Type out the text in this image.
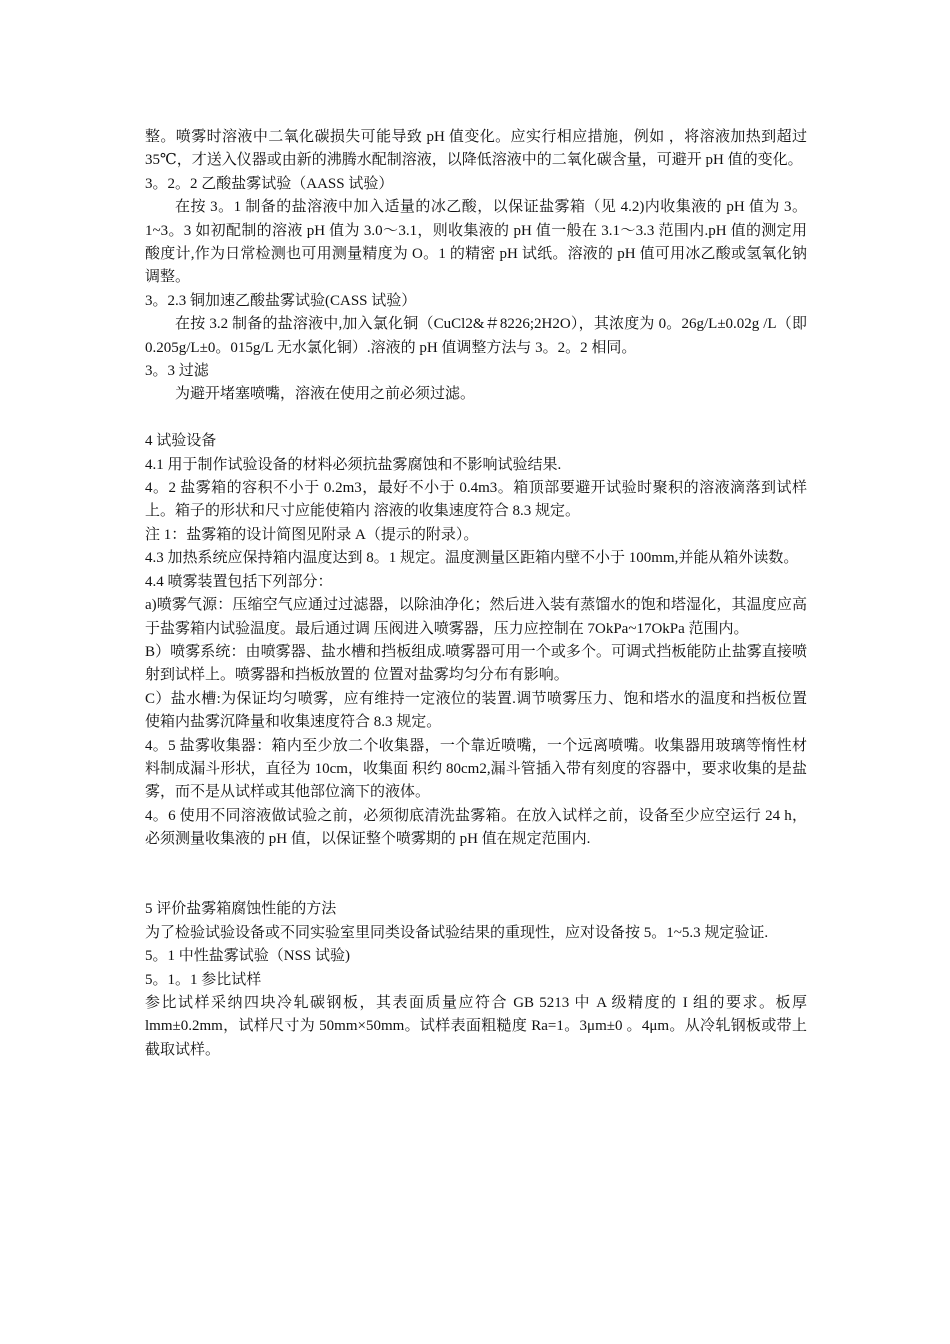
整。喷雾时溶液中二氧化碳损失可能导致 pH 值变化。应实行相应措施，例如 ，将溶液加热到超过 35℃，才送入仪器或由新的沸腾水配制溶液，以降低溶液中的二氧化碳含量，可避开 pH 值的变化。

3。2。2 乙酸盐雾试验（AASS 试验）

在按 3。1 制备的盐溶液中加入适量的冰乙酸，以保证盐雾箱（见 4.2)内收集液的 pH 值为 3。1~3。3 如初配制的溶液 pH 值为 3.0～3.1，则收集液的 pH 值一般在 3.1～3.3 范围内.pH 值的测定用酸度计,作为日常检测也可用测量精度为 O。1 的精密 pH 试纸。溶液的 pH 值可用冰乙酸或氢氧化钠调整。

3。2.3 铜加速乙酸盐雾试验(CASS 试验）

在按 3.2 制备的盐溶液中,加入氯化铜（CuCl2&＃8226;2H2O），其浓度为 0。26g/L±0.02g /L（即 0.205g/L±0。015g/L 无水氯化铜）.溶液的 pH 值调整方法与 3。2。2 相同。

3。3 过滤

为避开堵塞喷嘴，溶液在使用之前必须过滤。

4 试验设备

4.1 用于制作试验设备的材料必须抗盐雾腐蚀和不影响试验结果.

4。2 盐雾箱的容积不小于 0.2m3，最好不小于 0.4m3。箱顶部要避开试验时聚积的溶液滴落到试样上。箱子的形状和尺寸应能使箱内 溶液的收集速度符合 8.3 规定。

注 1：盐雾箱的设计简图见附录 A（提示的附录）。

4.3 加热系统应保持箱内温度达到 8。1 规定。温度测量区距箱内壁不小于 100mm,并能从箱外读数。

4.4 喷雾装置包括下列部分：

a)喷雾气源：压缩空气应通过过滤器，以除油净化；然后进入装有蒸馏水的饱和塔湿化，其温度应高于盐雾箱内试验温度。最后通过调 压阀进入喷雾器，压力应控制在 7OkPa~17OkPa 范围内。

B）喷雾系统：由喷雾器、盐水槽和挡板组成.喷雾器可用一个或多个。可调式挡板能防止盐雾直接喷射到试样上。喷雾器和挡板放置的 位置对盐雾均匀分布有影响。

C）盐水槽:为保证均匀喷雾，应有维持一定液位的装置.调节喷雾压力、饱和塔水的温度和挡板位置使箱内盐雾沉降量和收集速度符合 8.3 规定。

4。5 盐雾收集器：箱内至少放二个收集器，一个靠近喷嘴，一个远离喷嘴。收集器用玻璃等惰性材料制成漏斗形状，直径为 10cm，收集面 积约 80cm2,漏斗管插入带有刻度的容器中，要求收集的是盐雾，而不是从试样或其他部位滴下的液体。

4。6 使用不同溶液做试验之前，必须彻底清洗盐雾箱。在放入试样之前，设备至少应空运行 24 h，必须测量收集液的 pH 值，以保证整个喷雾期的 pH 值在规定范围内.

5 评价盐雾箱腐蚀性能的方法

为了检验试验设备或不同实验室里同类设备试验结果的重现性，应对设备按 5。1~5.3 规定验证.

5。1 中性盐雾试验（NSS 试验)

5。1。1 参比试样

参比试样采纳四块冷轧碳钢板，其表面质量应符合 GB 5213 中 A 级精度的 I 组的要求。板厚 lmm±0.2mm，试样尺寸为 50mm×50mm。试样表面粗糙度 Ra=1。3μm±0 。4μm。从冷轧钢板或带上截取试样。
